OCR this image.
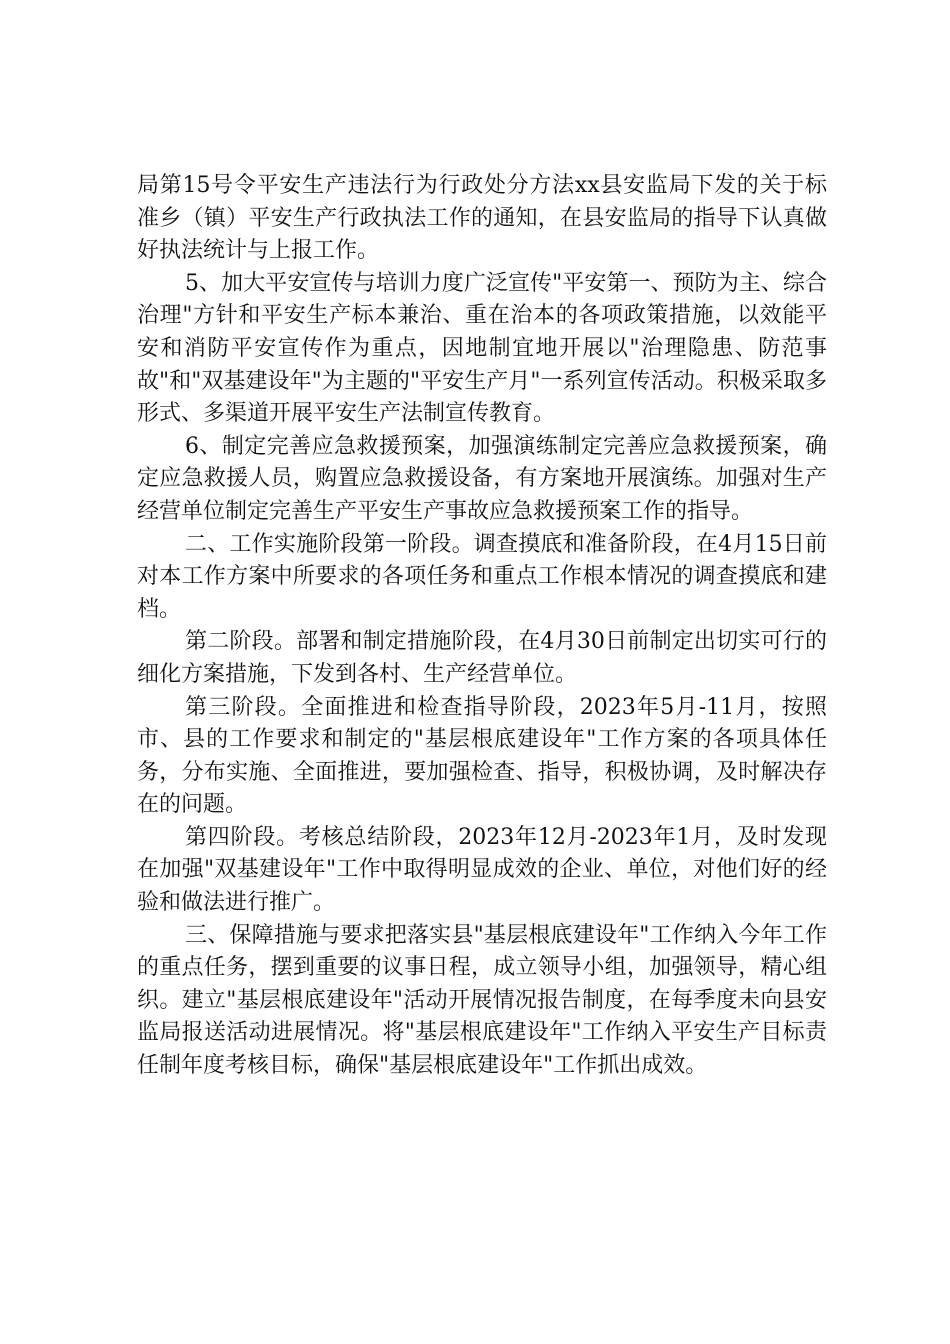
局第15号令平安生产违法行为行政处分方法xx县安监局下发的关于标准乡（镇）平安生产行政执法工作的通知，在县安监局的指导下认真做好执法统计与上报工作。

5、加大平安宣传与培训力度广泛宣传"平安第一、预防为主、综合治理"方针和平安生产标本兼治、重在治本的各项政策措施，以效能平安和消防平安宣传作为重点，因地制宜地开展以"治理隐患、防范事故"和"双基建设年"为主题的"平安生产月"一系列宣传活动。积极采取多形式、多渠道开展平安生产法制宣传教育。

6、制定完善应急救援预案，加强演练制定完善应急救援预案，确定应急救援人员，购置应急救援设备，有方案地开展演练。加强对生产经营单位制定完善生产平安生产事故应急救援预案工作的指导。

二、工作实施阶段第一阶段。调查摸底和准备阶段，在4月15日前对本工作方案中所要求的各项任务和重点工作根本情况的调查摸底和建档。

第二阶段。部署和制定措施阶段，在4月30日前制定出切实可行的细化方案措施，下发到各村、生产经营单位。

第三阶段。全面推进和检查指导阶段，2023年5月-11月，按照市、县的工作要求和制定的"基层根底建设年"工作方案的各项具体任务，分布实施、全面推进，要加强检查、指导，积极协调，及时解决存在的问题。

第四阶段。考核总结阶段，2023年12月-2023年1月，及时发现在加强"双基建设年"工作中取得明显成效的企业、单位，对他们好的经验和做法进行推广。

三、保障措施与要求把落实县"基层根底建设年"工作纳入今年工作的重点任务，摆到重要的议事日程，成立领导小组，加强领导，精心组织。建立"基层根底建设年"活动开展情况报告制度，在每季度未向县安监局报送活动进展情况。将"基层根底建设年"工作纳入平安生产目标责任制年度考核目标，确保"基层根底建设年"工作抓出成效。
